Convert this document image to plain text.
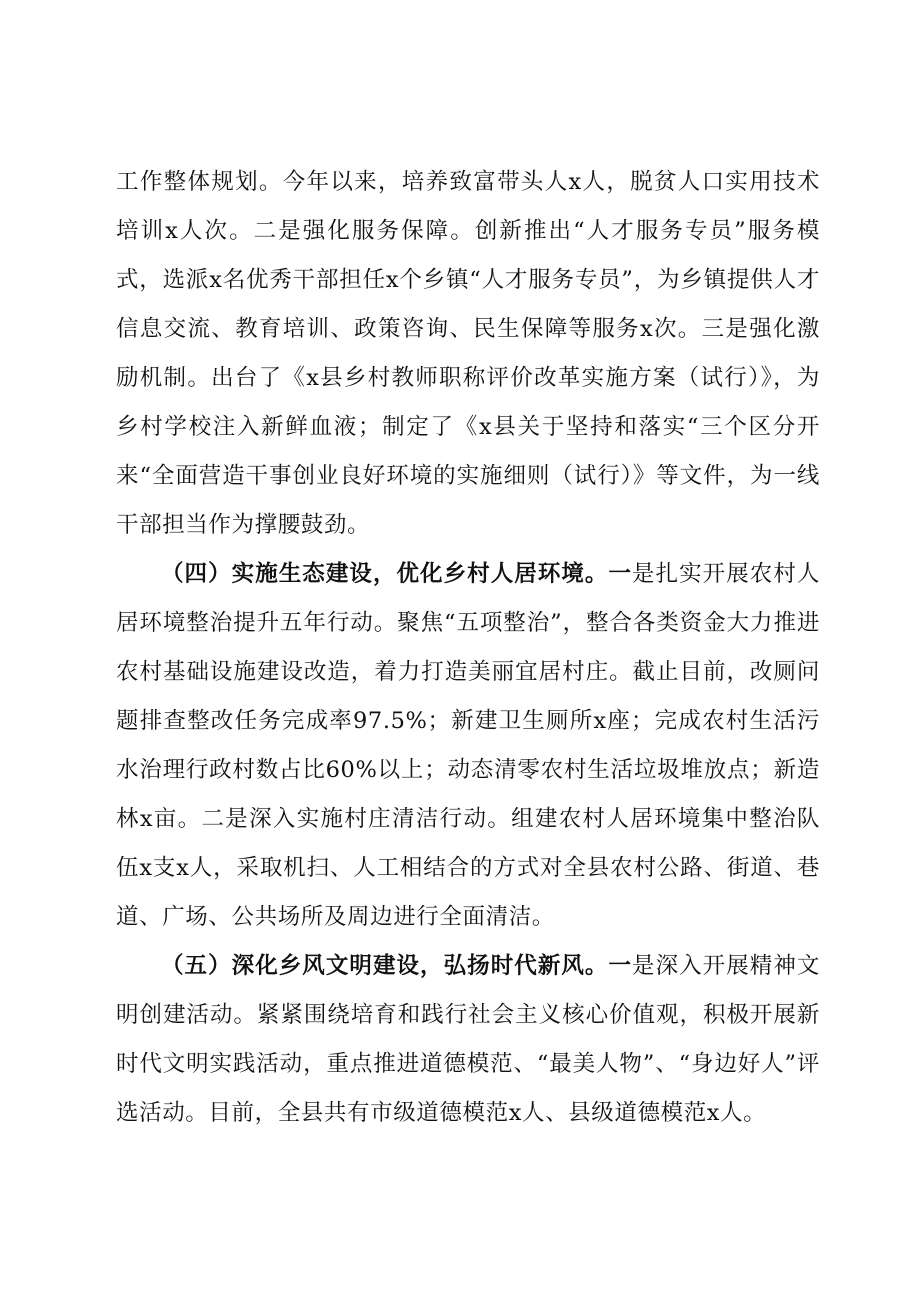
工作整体规划。今年以来，培养致富带头人x人，脱贫人口实用技术培训x人次。二是强化服务保障。创新推出“人才服务专员”服务模式，选派x名优秀干部担任x个乡镇“人才服务专员”，为乡镇提供人才信息交流、教育培训、政策咨询、民生保障等服务x次。三是强化激励机制。出台了《x县乡村教师职称评价改革实施方案（试行）》，为乡村学校注入新鲜血液；制定了《x县关于坚持和落实“三个区分开来“全面营造干事创业良好环境的实施细则（试行）》等文件，为一线干部担当作为撑腰鼓劲。

（四）实施生态建设，优化乡村人居环境。一是扎实开展农村人居环境整治提升五年行动。聚焦“五项整治”，整合各类资金大力推进农村基础设施建设改造，着力打造美丽宜居村庄。截止目前，改厕问题排查整改任务完成率97.5%；新建卫生厕所x座；完成农村生活污水治理行政村数占比60%以上；动态清零农村生活垃圾堆放点；新造林x亩。二是深入实施村庄清洁行动。组建农村人居环境集中整治队伍x支x人，采取机扫、人工相结合的方式对全县农村公路、街道、巷道、广场、公共场所及周边进行全面清洁。

（五）深化乡风文明建设，弘扬时代新风。一是深入开展精神文明创建活动。紧紧围绕培育和践行社会主义核心价值观，积极开展新时代文明实践活动，重点推进道德模范、“最美人物”、“身边好人”评选活动。目前，全县共有市级道德模范x人、县级道德模范x人。
